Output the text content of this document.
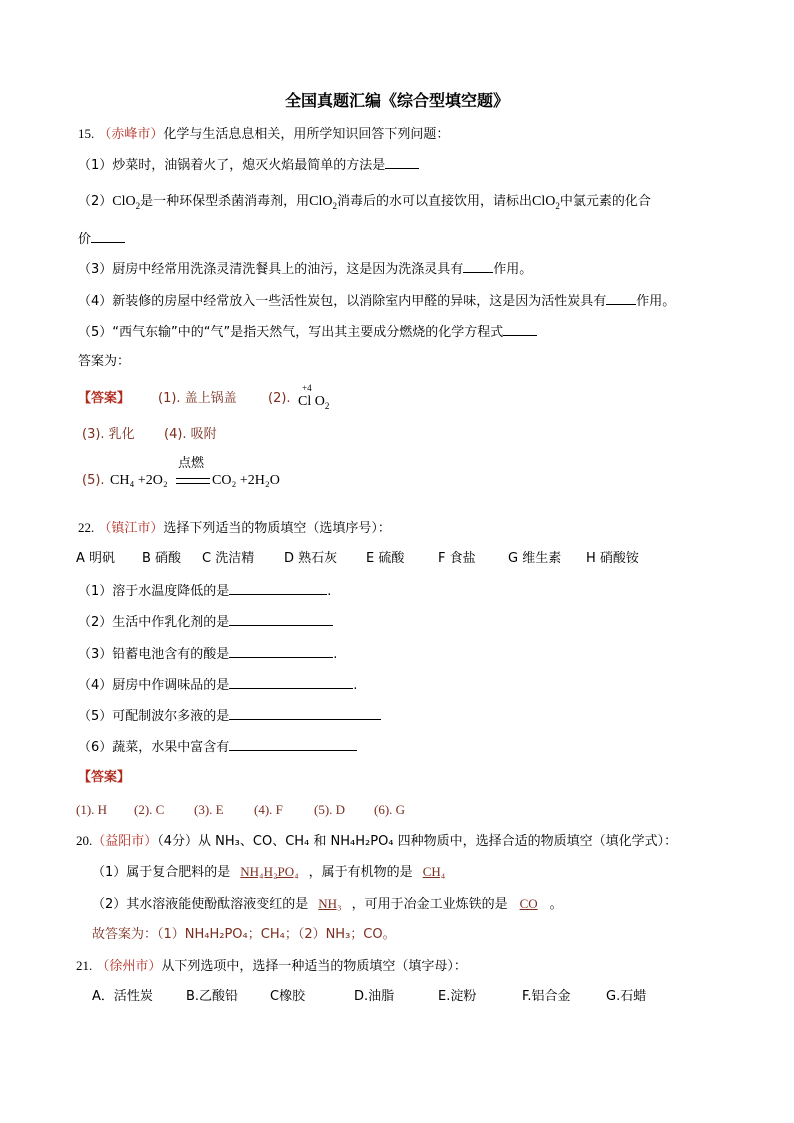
全国真题汇编《综合型填空题》
15. （赤峰市）化学与生活息息相关，用所学知识回答下列问题：
（1）炒菜时，油锅着火了，熄灭火焰最简单的方法是
（2）ClO$_2$是一种环保型杀菌消毒剂，用ClO$_2$消毒后的水可以直接饮用，请标出ClO$_2$中氯元素的化合
价
（3）厨房中经常用洗涤灵清洗餐具上的油污，这是因为洗涤灵具有 作用。
（4）新装修的房屋中经常放入一些活性炭包，以消除室内甲醛的异味，这是因为活性炭具有 作用。
（5）“西气东输”中的“气”是指天然气，写出其主要成分燃烧的化学方程式
答案为：
【答案】 (1). 盖上锅盖 (2).
+4
Cl $O_2$
(3). 乳化 (4). 吸附
(5). CH₄ +2O₂
点燃
CO₂ +2H₂O
22. （镇江市）选择下列适当的物质填空（选填序号）：
A 明矾 B 硝酸 C 洗洁精 D 熟石灰 E 硫酸	F 食盐 G 维生素 H 硝酸铵
（1）溶于水温度降低的是	.
（2）生活中作乳化剂的是
（3）铅蓄电池含有的酸是	.
（4）厨房中作调味品的是	.
（5）可配制波尔多液的是
（6）蔬菜，水果中富含有
【答案】
(1). H (2). C (3). E (4). F (5). D (6). G
20.（益阳市）（4分）从 NH₃、CO、CH₄ 和 NH₄H₂PO₄ 四种物质中，选择合适的物质填空（填化学式）：
（1）属于复合肥料的是 NH₄H₂PO₄ ，属于有机物的是 CH₄
（2）其水溶液能使酚酞溶液变红的是 NH₃ ，可用于冶金工业炼铁的是 CO 。
故答案为：（1）NH₄H₂PO₄；CH₄；（2）NH₃；CO。
21. （徐州市）从下列选项中，选择一种适当的物质填空（填字母）：
A．活性炭	B.乙酸铅 C橡胶	D.油脂	E.淀粉	F.铝合金	G.石蜡
